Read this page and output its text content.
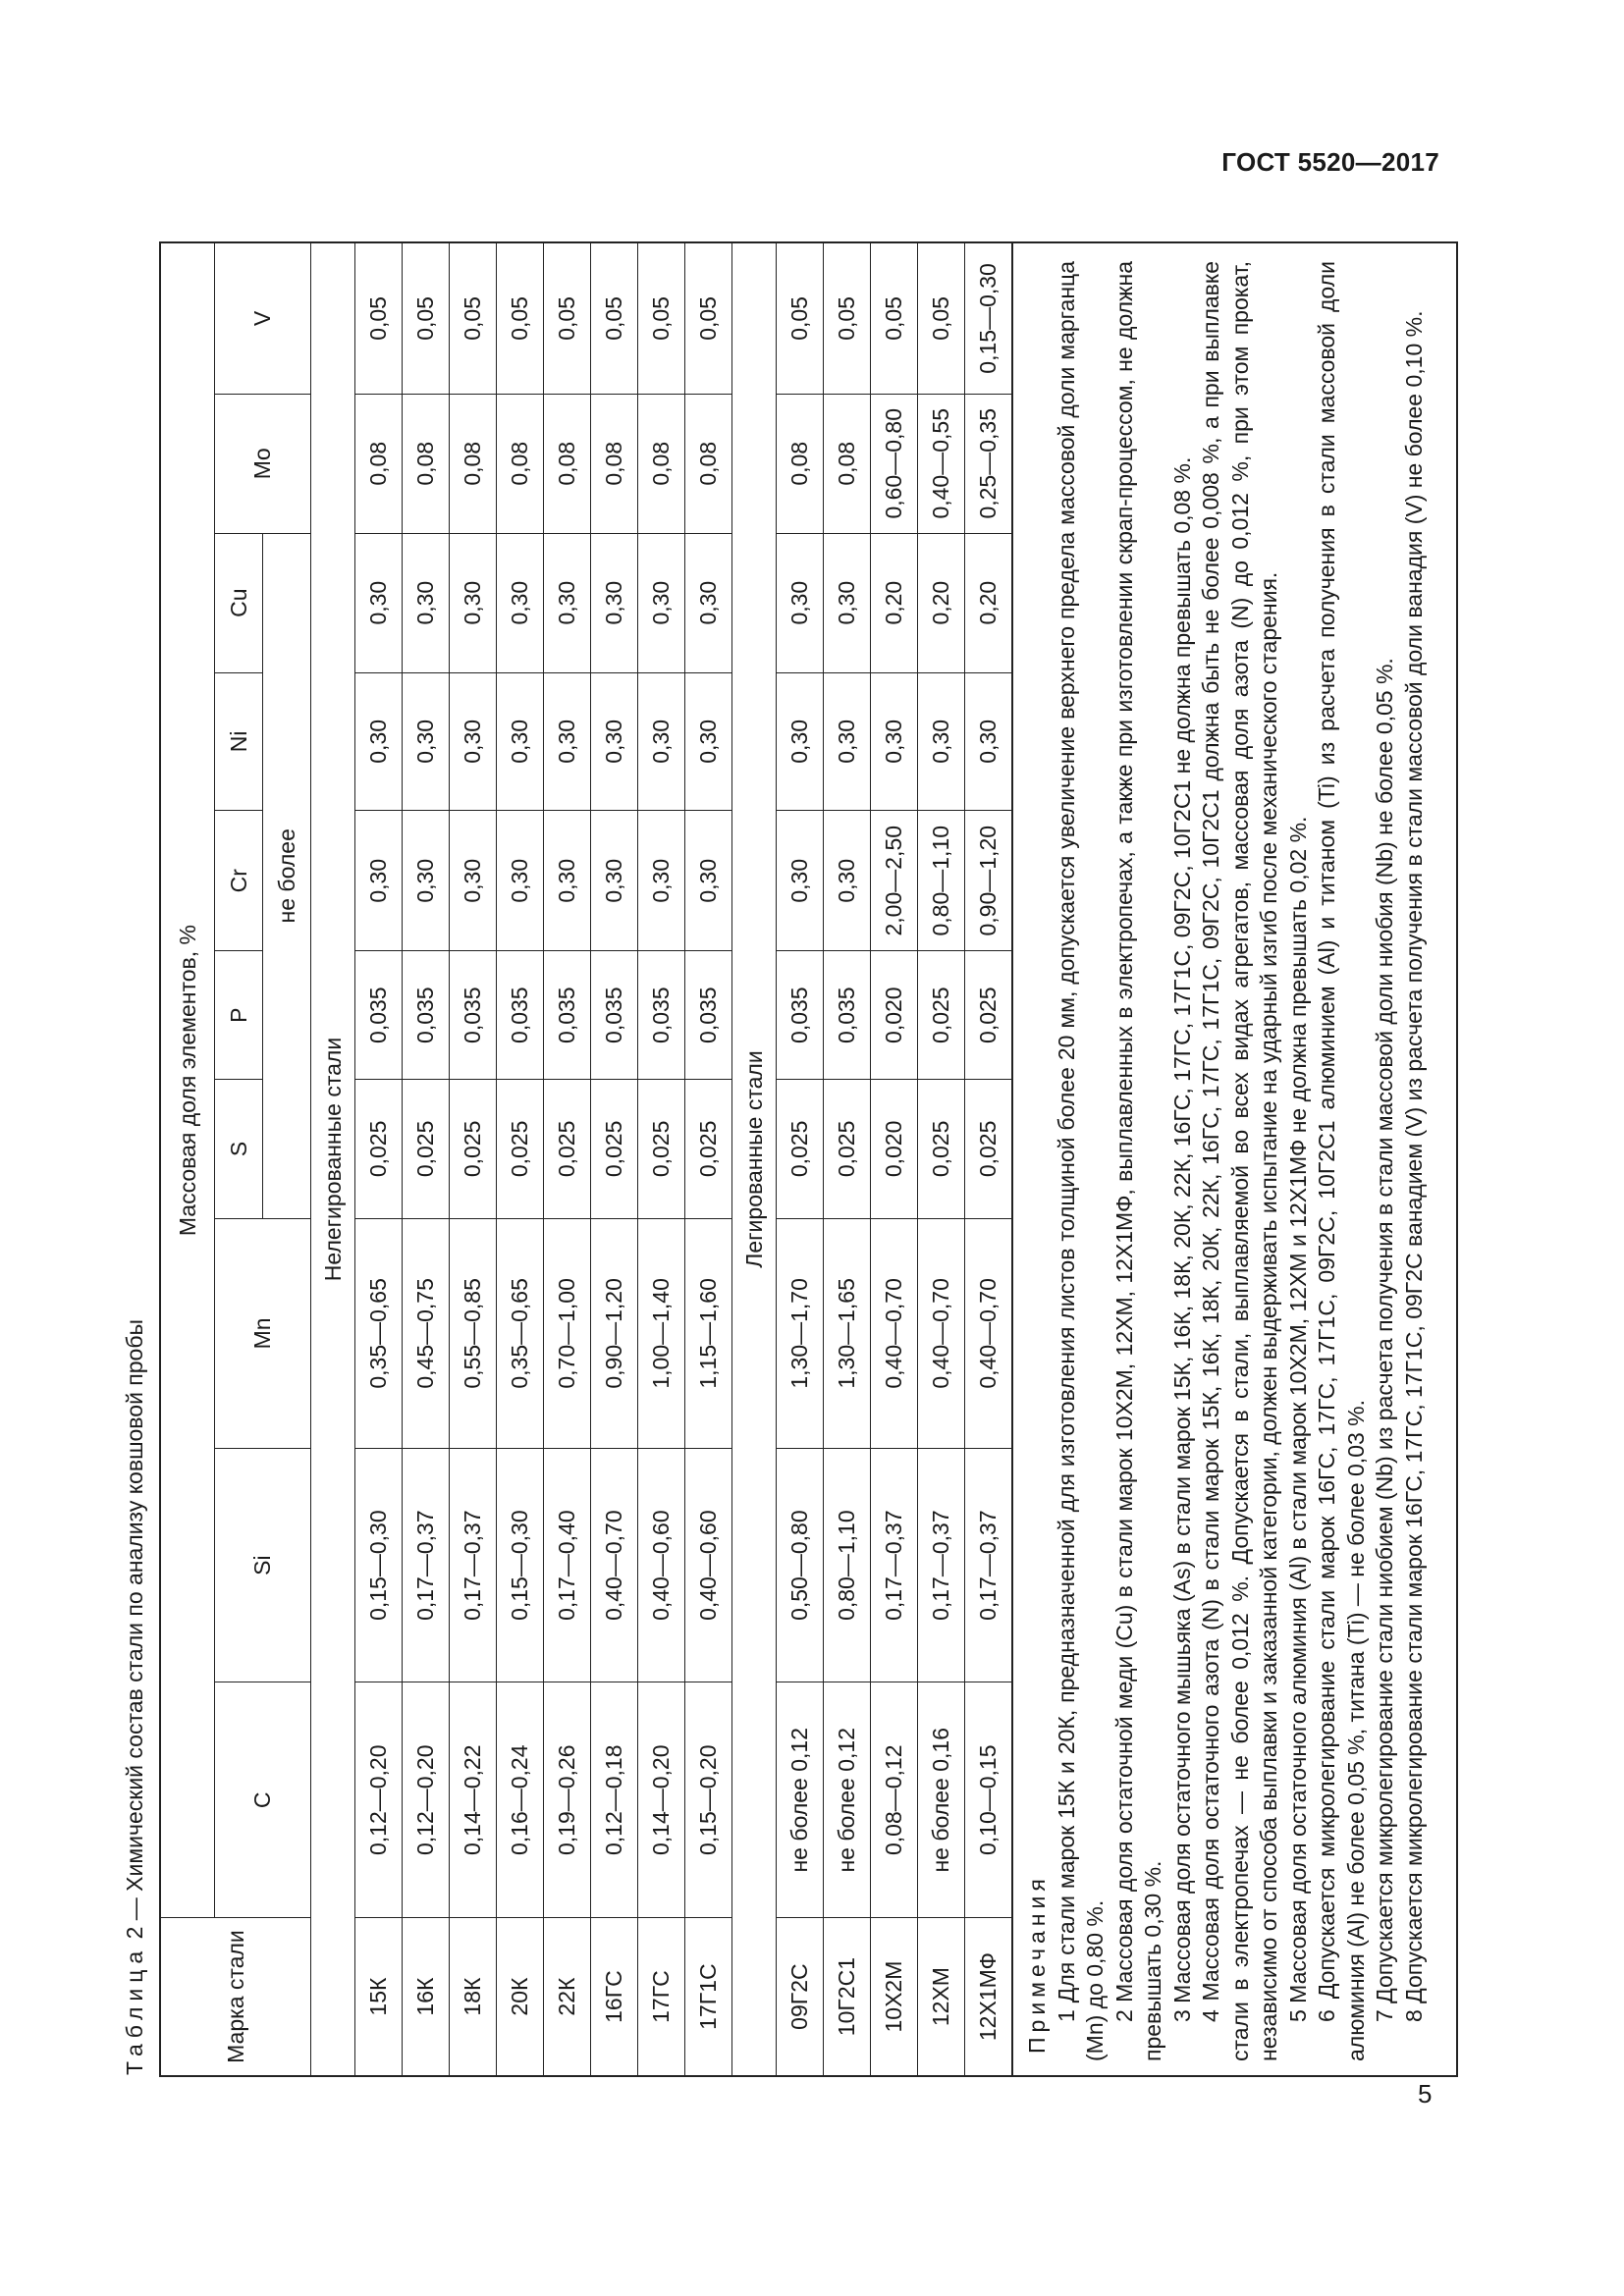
ГОСТ 5520—2017
5
Таблица 2 — Химический состав стали по анализу ковшовой пробы
Марка стали	Массовая доля элементов, %									
	C	Si	Mn	S	P	Cr	Ni	Cu	Mo	V
				не более						
Нелегированные стали										
15К	0,12—0,20	0,15—0,30	0,35—0,65	0,025	0,035	0,30	0,30	0,30	0,08	0,05
16К	0,12—0,20	0,17—0,37	0,45—0,75	0,025	0,035	0,30	0,30	0,30	0,08	0,05
18К	0,14—0,22	0,17—0,37	0,55—0,85	0,025	0,035	0,30	0,30	0,30	0,08	0,05
20К	0,16—0,24	0,15—0,30	0,35—0,65	0,025	0,035	0,30	0,30	0,30	0,08	0,05
22К	0,19—0,26	0,17—0,40	0,70—1,00	0,025	0,035	0,30	0,30	0,30	0,08	0,05
16ГС	0,12—0,18	0,40—0,70	0,90—1,20	0,025	0,035	0,30	0,30	0,30	0,08	0,05
17ГС	0,14—0,20	0,40—0,60	1,00—1,40	0,025	0,035	0,30	0,30	0,30	0,08	0,05
17Г1С	0,15—0,20	0,40—0,60	1,15—1,60	0,025	0,035	0,30	0,30	0,30	0,08	0,05
Легированные стали										
09Г2С	не более 0,12	0,50—0,80	1,30—1,70	0,025	0,035	0,30	0,30	0,30	0,08	0,05
10Г2С1	не более 0,12	0,80—1,10	1,30—1,65	0,025	0,035	0,30	0,30	0,30	0,08	0,05
10Х2М	0,08—0,12	0,17—0,37	0,40—0,70	0,020	0,020	2,00—2,50	0,30	0,20	0,60—0,80	0,05
12ХМ	не более 0,16	0,17—0,37	0,40—0,70	0,025	0,025	0,80—1,10	0,30	0,20	0,40—0,55	0,05
12Х1МФ	0,10—0,15	0,17—0,37	0,40—0,70	0,025	0,025	0,90—1,20	0,30	0,20	0,25—0,35	0,15—0,30

Примечания 1 Для стали марок 15К и 20К, предназначенной для изготовления листов толщиной более 20 мм, допускается увеличение верхнего предела массовой доли марганца (Mn) до 0,80 %. 2 Массовая доля остаточной меди (Cu) в стали марок 10Х2М, 12ХМ, 12Х1МФ, выплавленных в электропечах, а также при изготовлении скрап-процессом, не должна превышать 0,30 %. 3 Массовая доля остаточного мышьяка (As) в стали марок 15К, 16К, 18К, 20К, 22К, 16ГС, 17ГС, 17Г1С, 09Г2С, 10Г2С1 не должна превышать 0,08 %. 4 Массовая доля остаточного азота (N) в стали марок 15К, 16К, 18К, 20К, 22К, 16ГС, 17ГС, 17Г1С, 09Г2С, 10Г2С1 должна быть не более 0,008 %, а при выплавке стали в электропечах — не более 0,012 %. Допускается в стали, выплавляемой во всех видах агрегатов, массовая доля азота (N) до 0,012 %, при этом прокат, независимо от способа выплавки и заказанной категории, должен выдерживать испытание на ударный изгиб после механического старения. 5 Массовая доля остаточного алюминия (Al) в стали марок 10Х2М, 12ХМ и 12Х1МФ не должна превышать 0,02 %. 6 Допускается микролегирование стали марок 16ГС, 17ГС, 17Г1С, 09Г2С, 10Г2С1 алюминием (Al) и титаном (Ti) из расчета получения в стали массовой доли алюминия (Al) не более 0,05 %, титана (Ti) — не более 0,03 %. 7 Допускается микролегирование стали ниобием (Nb) из расчета получения в стали массовой доли ниобия (Nb) не более 0,05 %. 8 Допускается микролегирование стали марок 16ГС, 17ГС, 17Г1С, 09Г2С ванадием (V) из расчета получения в стали массовой доли ванадия (V) не более 0,10 %.
